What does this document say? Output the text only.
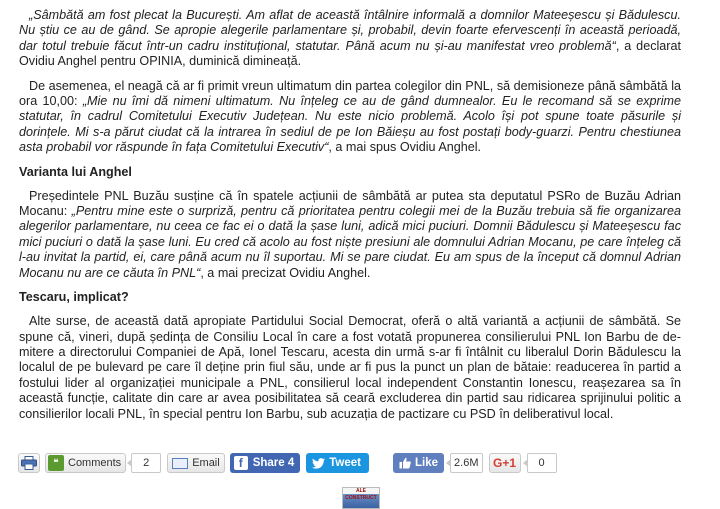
„Sâmbătă am fost plecat la București. Am aflat de această întâlnire informală a domnilor Mateeșescu și Bădulescu. Nu știu ce au de gând. Se apropie alegerile parlamentare și, probabil, devin foarte efervescenți în această perioadă, dar totul trebuie făcut într-un cadru instituțional, statutar. Până acum nu și-au manifestat vreo problemă“, a declarat Ovidiu Anghel pentru OPINIA, duminică dimineață.

De asemenea, el neagă că ar fi primit vreun ultimatum din partea colegilor din PNL, să demisioneze până sâmbătă la ora 10,00: „Mie nu îmi dă nimeni ultimatum. Nu înțeleg ce au de gând dumnealor. Eu le recomand să se exprime statutar, în cadrul Comitetului Executiv Județean. Nu este nicio problemă. Acolo își pot spune toate păsurile și dorințele. Mi s-a părut ciudat că la intrarea în sediul de pe Ion Băieșu au fost postați body-guarzi. Pentru chestiunea asta probabil vor răspunde în fața Comitetului Executiv“, a mai spus Ovidiu Anghel.

Varianta lui Anghel

Președintele PNL Buzău susține că în spatele acțiunii de sâmbătă ar putea sta deputatul PSRo de Buzău Adrian Mocanu: „Pentru mine este o surpriză, pentru că prioritatea pentru colegii mei de la Buzău trebuia să fie organizarea alegerilor parlamentare, nu ceea ce fac ei o dată la șase luni, adică mici puciuri. Domnii Bădulescu și Mateeșescu fac mici puciuri o dată la șase luni. Eu cred că acolo au fost niște presiuni ale domnului Adrian Mocanu, pe care înțeleg că l-au invitat la partid, ei, care până acum nu îl suportau. Mi se pare ciudat. Eu am spus de la început că domnul Adrian Mocanu nu are ce căuta în PNL“, a mai precizat Ovidiu Anghel.

Tescaru, implicat?

Alte surse, de această dată apropiate Partidului Social Democrat, oferă o altă variantă a acțiunii de sâmbătă. Se spune că, vineri, după ședința de Consiliu Local în care a fost votată propunerea consilierului PNL Ion Barbu de de-mitere a directorului Companiei de Apă, Ionel Tescaru, acesta din urmă s-ar fi întâlnit cu liberalul Dorin Bădulescu la localul de pe bulevard pe care îl deține prin fiul său, unde ar fi pus la punct un plan de bătaie: readucerea în partid a fostului lider al organizației municipale a PNL, consilierul local independent Constantin Ionescu, reașezarea sa în această funcție, calitate din care ar avea posibilitatea să ceară excluderea din partid sau ridicarea sprijinului politic a consilierilor locali PNL, în special pentru Ion Barbu, sub acuzația de pactizare cu PSD în deliberativul local.

❝ Comments	2	Email	f Share 4	Tweet	Like	2.6M	G+1	0
ALE CONSTRUCT
